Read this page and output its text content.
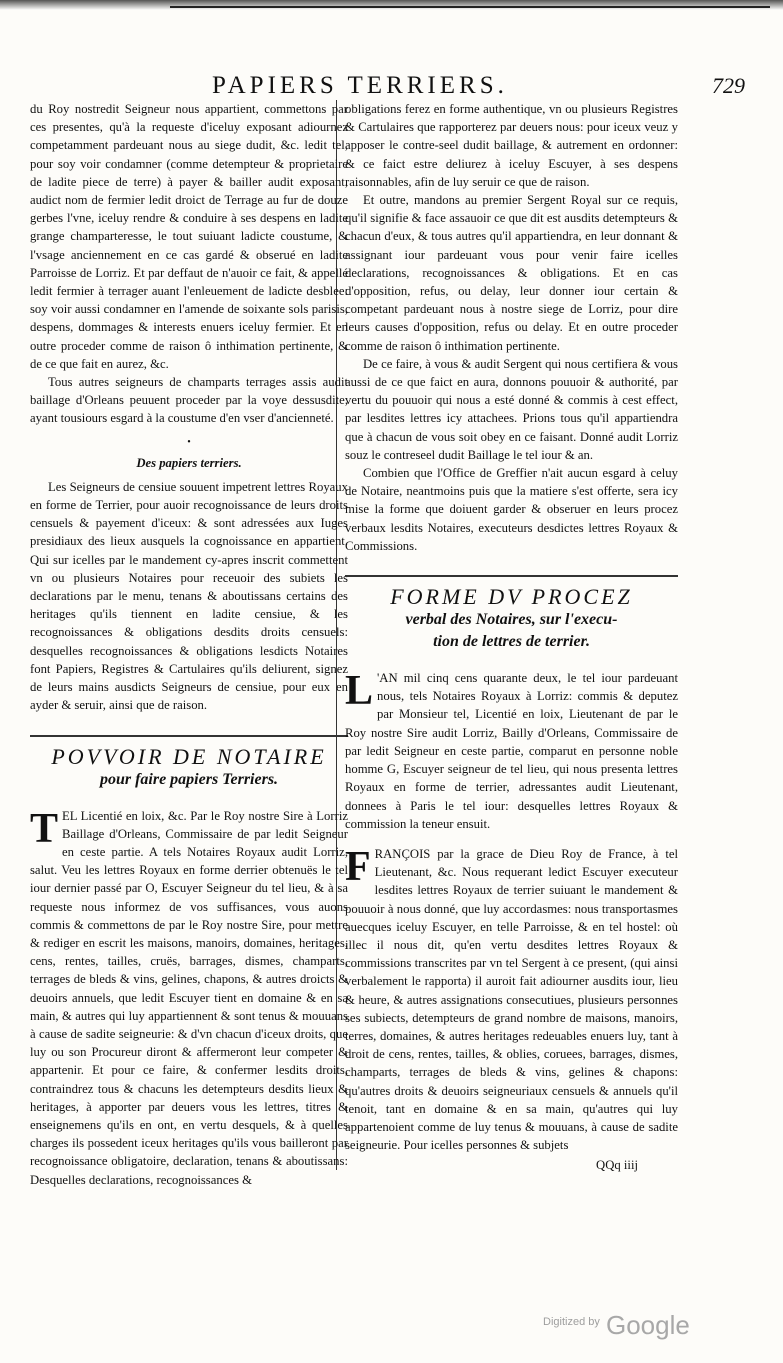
PAPIERS TERRIERS.	729

du Roy nostredit Seigneur nous appartient, commettons par ces presentes, qu'à la requeste d'iceluy exposant adiournez competamment pardeuant nous au siege dudit, &c. ledit tel, pour soy voir condamner (comme detempteur & proprietaire de ladite piece de terre) à payer & bailler audit exposant, audict nom de fermier ledit droict de Terrage au fur de douze gerbes l'vne, iceluy rendre & conduire à ses despens en ladite grange champarteresse, le tout suiuant ladicte coustume, & l'vsage anciennement en ce cas gardé & obserué en ladite Parroisse de Lorriz. Et par deffaut de n'auoir ce fait, & appellé ledit fermier à terrager auant l'enleuement de ladicte desblee: soy voir aussi condamner en l'amende de soixante sols parisis, despens, dommages & interests enuers iceluy fermier. Et en outre proceder comme de raison ô inthimation pertinente, & de ce que fait en aurez, &c.

Tous autres seigneurs de champarts terrages assis audit baillage d'Orleans peuuent proceder par la voye dessusdite, ayant tousiours esgard à la coustume d'en vser d'ancienneté.

•
Des papiers terriers.

Les Seigneurs de censiue souuent impetrent lettres Royaux en forme de Terrier, pour auoir recognoissance de leurs droits censuels & payement d'iceux: & sont adressées aux Iuges presidiaux des lieux ausquels la cognoissance en appartient. Qui sur icelles par le mandement cy-apres inscrit commettent vn ou plusieurs Notaires pour receuoir des subiets les declarations par le menu, tenans & aboutissans certains des heritages qu'ils tiennent en ladite censiue, & les recognoissances & obligations desdits droits censuels: desquelles recognoissances & obligations lesdicts Notaires font Papiers, Registres & Cartulaires qu'ils deliurent, signez de leurs mains ausdicts Seigneurs de censiue, pour eux en ayder & seruir, ainsi que de raison.

POVVOIR DE NOTAIRE
pour faire papiers Terriers.

TEL Licentié en loix, &c. Par le Roy nostre Sire à Lorriz Baillage d'Orleans, Commissaire de par ledit Seigneur en ceste partie. A tels Notaires Royaux audit Lorriz, salut. Veu les lettres Royaux en forme derrier obtenuës le tel iour dernier passé par O, Escuyer Seigneur du tel lieu, & à sa requeste nous informez de vos suffisances, vous auons commis & commettons de par le Roy nostre Sire, pour mettre & rediger en escrit les maisons, manoirs, domaines, heritages, cens, rentes, tailles, cruës, barrages, dismes, champarts, terrages de bleds & vins, gelines, chapons, & autres droicts & deuoirs annuels, que ledit Escuyer tient en domaine & en sa main, & autres qui luy appartiennent & sont tenus & mouuans à cause de sadite seigneurie: & d'vn chacun d'iceux droits, que luy ou son Procureur diront & affermeront leur competer & appartenir. Et pour ce faire, & confermer lesdits droits, contraindrez tous & chacuns les detempteurs desdits lieux & heritages, à apporter par deuers vous les lettres, titres & enseignemens qu'ils en ont, en vertu desquels, & à quelles charges ils possedent iceux heritages qu'ils vous bailleront par recognoissance obligatoire, declaration, tenans & aboutissans: Desquelles declarations, recognoissances &

obligations ferez en forme authentique, vn ou plusieurs Registres & Cartulaires que rapporterez par deuers nous: pour iceux veuz y apposer le contre-seel dudit baillage, & autrement en ordonner: & ce faict estre deliurez à iceluy Escuyer, à ses despens raisonnables, afin de luy seruir ce que de raison.

Et outre, mandons au premier Sergent Royal sur ce requis, qu'il signifie & face assauoir ce que dit est ausdits detempteurs & chacun d'eux, & tous autres qu'il appartiendra, en leur donnant & assignant iour pardeuant vous pour venir faire icelles declarations, recognoissances & obligations. Et en cas d'opposition, refus, ou delay, leur donner iour certain & competant pardeuant nous à nostre siege de Lorriz, pour dire leurs causes d'opposition, refus ou delay. Et en outre proceder comme de raison ô inthimation pertinente.

De ce faire, à vous & audit Sergent qui nous certifiera & vous aussi de ce que faict en aura, donnons pouuoir & authorité, par vertu du pouuoir qui nous a esté donné & commis à cest effect, par lesdites lettres icy attachees. Prions tous qu'il appartiendra que à chacun de vous soit obey en ce faisant. Donné audit Lorriz souz le contreseel dudit Baillage le tel iour & an.

Combien que l'Office de Greffier n'ait aucun esgard à celuy de Notaire, neantmoins puis que la matiere s'est offerte, sera icy mise la forme que doiuent garder & obseruer en leurs procez verbaux lesdits Notaires, executeurs desdictes lettres Royaux & Commissions.

FORME DV PROCEZ
verbal des Notaires, sur l'execu-
tion de lettres de terrier.

L 'AN mil cinq cens quarante deux, le tel iour pardeuant nous, tels Notaires Royaux à Lorriz: commis & deputez par Monsieur tel, Licentié en loix, Lieutenant de par le Roy nostre Sire audit Lorriz, Bailly d'Orleans, Commissaire de par ledit Seigneur en ceste partie, comparut en personne noble homme G, Escuyer seigneur de tel lieu, qui nous presenta lettres Royaux en forme de terrier, adressantes audit Lieutenant, donnees à Paris le tel iour: desquelles lettres Royaux & commission la teneur ensuit.

FRANÇOIS par la grace de Dieu Roy de France, à tel Lieutenant, &c. Nous requerant ledict Escuyer executeur lesdites lettres Royaux de terrier suiuant le mandement & pouuoir à nous donné, que luy accordasmes: nous transportasmes auecques iceluy Escuyer, en telle Parroisse, & en tel hostel: où illec il nous dit, qu'en vertu desdites lettres Royaux & commissions transcrites par vn tel Sergent à ce present, (qui ainsi verbalement le rapporta) il auroit fait adiourner ausdits iour, lieu & heure, & autres assignations consecutiues, plusieurs personnes ses subiects, detempteurs de grand nombre de maisons, manoirs, terres, domaines, & autres heritages redeuables enuers luy, tant à droit de cens, rentes, tailles, & oblies, coruees, barrages, dismes, champarts, terrages de bleds & vins, gelines & chapons: qu'autres droits & deuoirs seigneuriaux censuels & annuels qu'il tenoit, tant en domaine & en sa main, qu'autres qui luy appartenoient comme de luy tenus & mouuans, à cause de sadite seigneurie. Pour icelles personnes & subjets

QQq iiij
Digitized by Google
